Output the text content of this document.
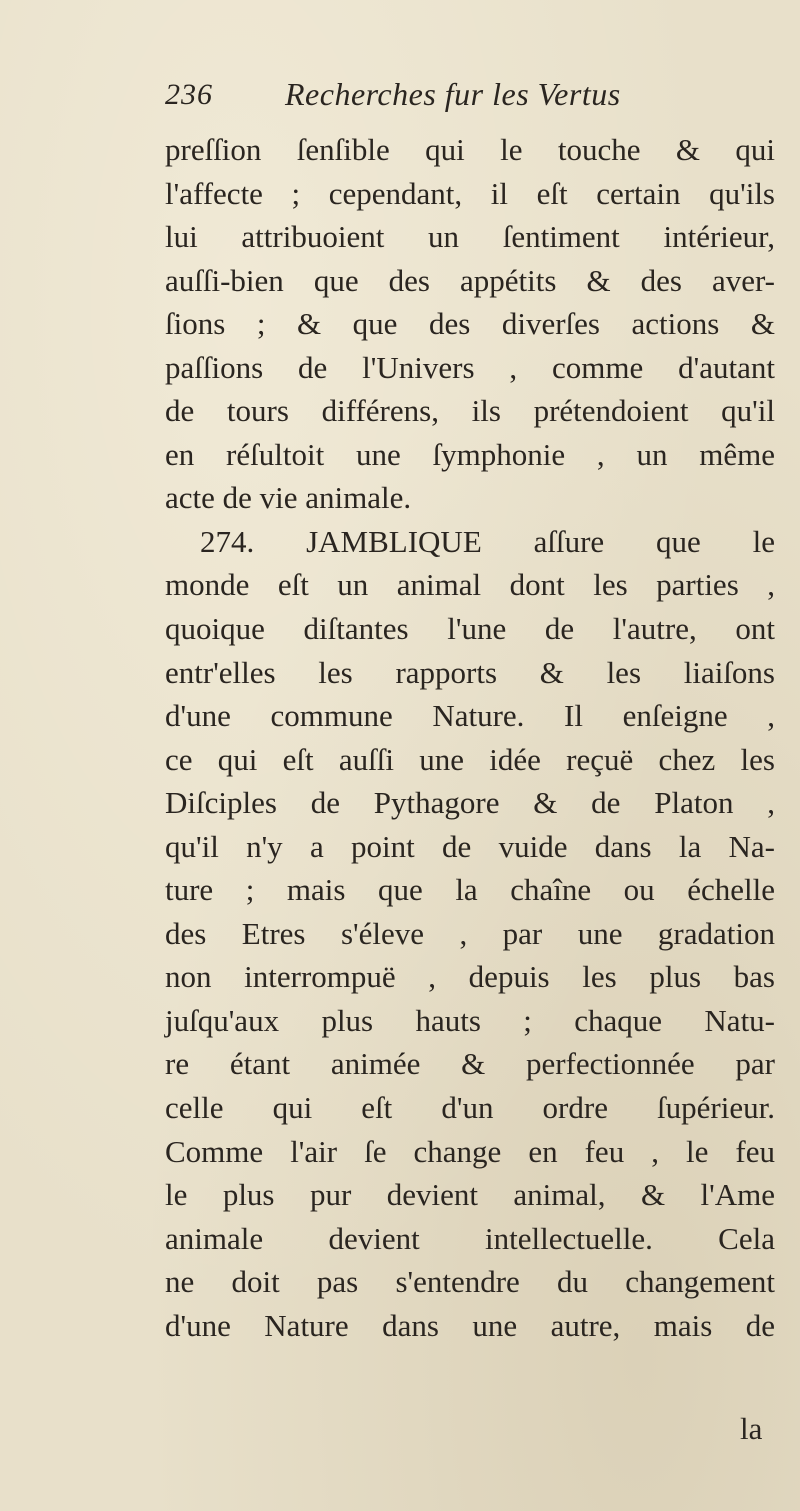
236 Recherches fur les Vertus
preſſion ſenſible qui le touche & qui
l'affecte ; cependant, il eſt certain qu'ils
lui attribuoient un ſentiment intérieur,
auſſi-bien que des appétits & des aver-
ſions ; & que des diverſes actions &
paſſions de l'Univers , comme d'autant
de tours différens, ils prétendoient qu'il
en réſultoit une ſymphonie , un même
acte de vie animale.
274. JAMBLIQUE aſſure que le
monde eſt un animal dont les parties ,
quoique diſtantes l'une de l'autre, ont
entr'elles les rapports & les liaiſons
d'une commune Nature. Il enſeigne ,
ce qui eſt auſſi une idée reçuë chez les
Diſciples de Pythagore & de Platon ,
qu'il n'y a point de vuide dans la Na-
ture ; mais que la chaîne ou échelle
des Etres s'éleve , par une gradation
non interrompuë , depuis les plus bas
juſqu'aux plus hauts ; chaque Natu-
re étant animée & perfectionnée par
celle qui eſt d'un ordre ſupérieur.
Comme l'air ſe change en feu , le feu
le plus pur devient animal, & l'Ame
animale devient intellectuelle. Cela
ne doit pas s'entendre du changement
d'une Nature dans une autre, mais de
la
